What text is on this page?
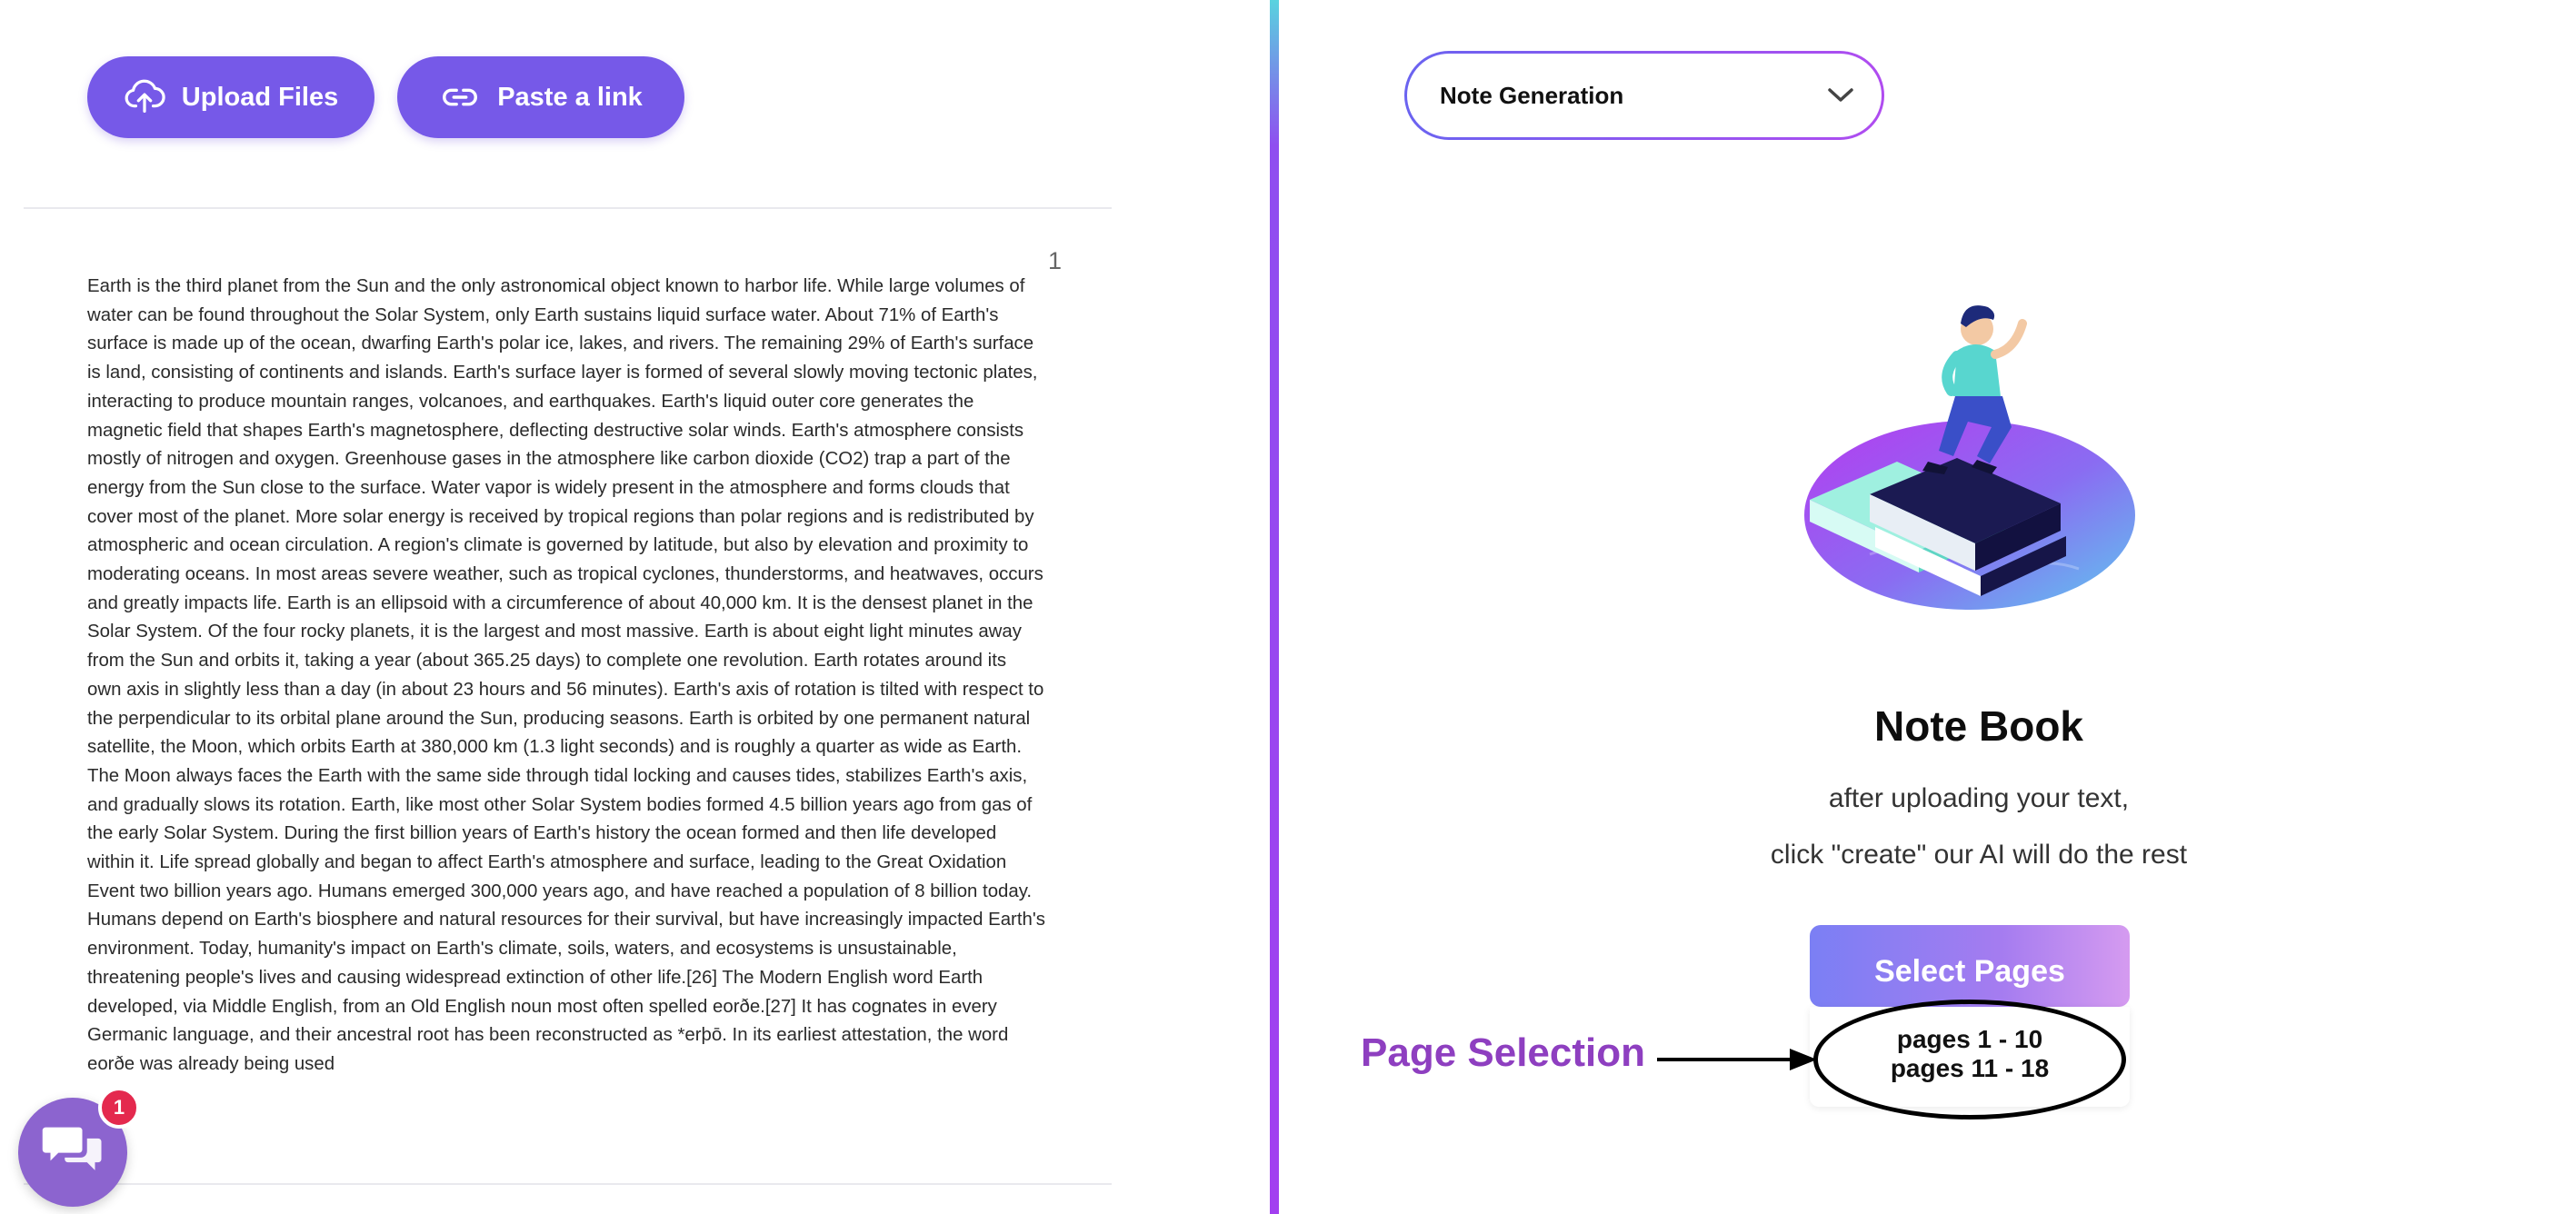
Upload Files	Paste a link
1

Earth is the third planet from the Sun and the only astronomical object known to harbor life. While large volumes of water can be found throughout the Solar System, only Earth sustains liquid surface water. About 71% of Earth's surface is made up of the ocean, dwarfing Earth's polar ice, lakes, and rivers. The remaining 29% of Earth's surface is land, consisting of continents and islands. Earth's surface layer is formed of several slowly moving tectonic plates, interacting to produce mountain ranges, volcanoes, and earthquakes. Earth's liquid outer core generates the magnetic field that shapes Earth's magnetosphere, deflecting destructive solar winds. Earth's atmosphere consists mostly of nitrogen and oxygen. Greenhouse gases in the atmosphere like carbon dioxide (CO2) trap a part of the energy from the Sun close to the surface. Water vapor is widely present in the atmosphere and forms clouds that cover most of the planet. More solar energy is received by tropical regions than polar regions and is redistributed by atmospheric and ocean circulation. A region's climate is governed by latitude, but also by elevation and proximity to moderating oceans. In most areas severe weather, such as tropical cyclones, thunderstorms, and heatwaves, occurs and greatly impacts life. Earth is an ellipsoid with a circumference of about 40,000 km. It is the densest planet in the Solar System. Of the four rocky planets, it is the largest and most massive. Earth is about eight light minutes away from the Sun and orbits it, taking a year (about 365.25 days) to complete one revolution. Earth rotates around its own axis in slightly less than a day (in about 23 hours and 56 minutes). Earth's axis of rotation is tilted with respect to the perpendicular to its orbital plane around the Sun, producing seasons. Earth is orbited by one permanent natural satellite, the Moon, which orbits Earth at 380,000 km (1.3 light seconds) and is roughly a quarter as wide as Earth. The Moon always faces the Earth with the same side through tidal locking and causes tides, stabilizes Earth's axis, and gradually slows its rotation. Earth, like most other Solar System bodies formed 4.5 billion years ago from gas of the early Solar System. During the first billion years of Earth's history the ocean formed and then life developed within it. Life spread globally and began to affect Earth's atmosphere and surface, leading to the Great Oxidation Event two billion years ago. Humans emerged 300,000 years ago, and have reached a population of 8 billion today. Humans depend on Earth's biosphere and natural resources for their survival, but have increasingly impacted Earth's environment. Today, humanity's impact on Earth's climate, soils, waters, and ecosystems is unsustainable, threatening people's lives and causing widespread extinction of other life.[26] The Modern English word Earth developed, via Middle English, from an Old English noun most often spelled eorðe.[27] It has cognates in every Germanic language, and their ancestral root has been reconstructed as *erþō. In its earliest attestation, the word eorðe was already being used

1
Note Generation
Note Book
after uploading your text,
click "create" our AI will do the rest
Select Pages
pages 1 - 10
pages 11 - 18
Page Selection
